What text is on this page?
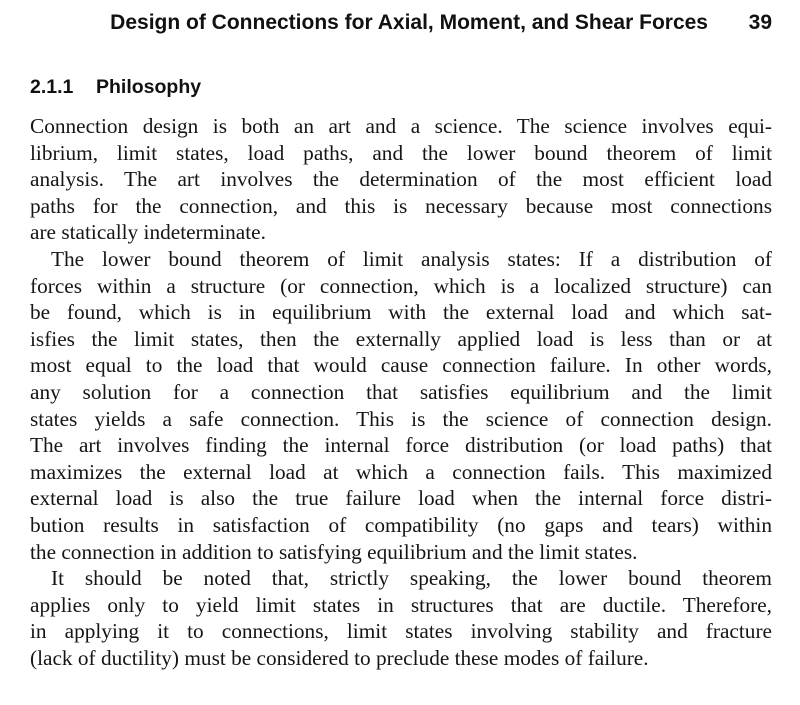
Design of Connections for Axial, Moment, and Shear Forces 39
2.1.1 Philosophy
Connection design is both an art and a science. The science involves equi-
librium, limit states, load paths, and the lower bound theorem of limit
analysis. The art involves the determination of the most efficient load
paths for the connection, and this is necessary because most connections
are statically indeterminate.
The lower bound theorem of limit analysis states: If a distribution of
forces within a structure (or connection, which is a localized structure) can
be found, which is in equilibrium with the external load and which sat-
isfies the limit states, then the externally applied load is less than or at
most equal to the load that would cause connection failure. In other words,
any solution for a connection that satisfies equilibrium and the limit
states yields a safe connection. This is the science of connection design.
The art involves finding the internal force distribution (or load paths) that
maximizes the external load at which a connection fails. This maximized
external load is also the true failure load when the internal force distri-
bution results in satisfaction of compatibility (no gaps and tears) within
the connection in addition to satisfying equilibrium and the limit states.
It should be noted that, strictly speaking, the lower bound theorem
applies only to yield limit states in structures that are ductile. Therefore,
in applying it to connections, limit states involving stability and fracture
(lack of ductility) must be considered to preclude these modes of failure.
